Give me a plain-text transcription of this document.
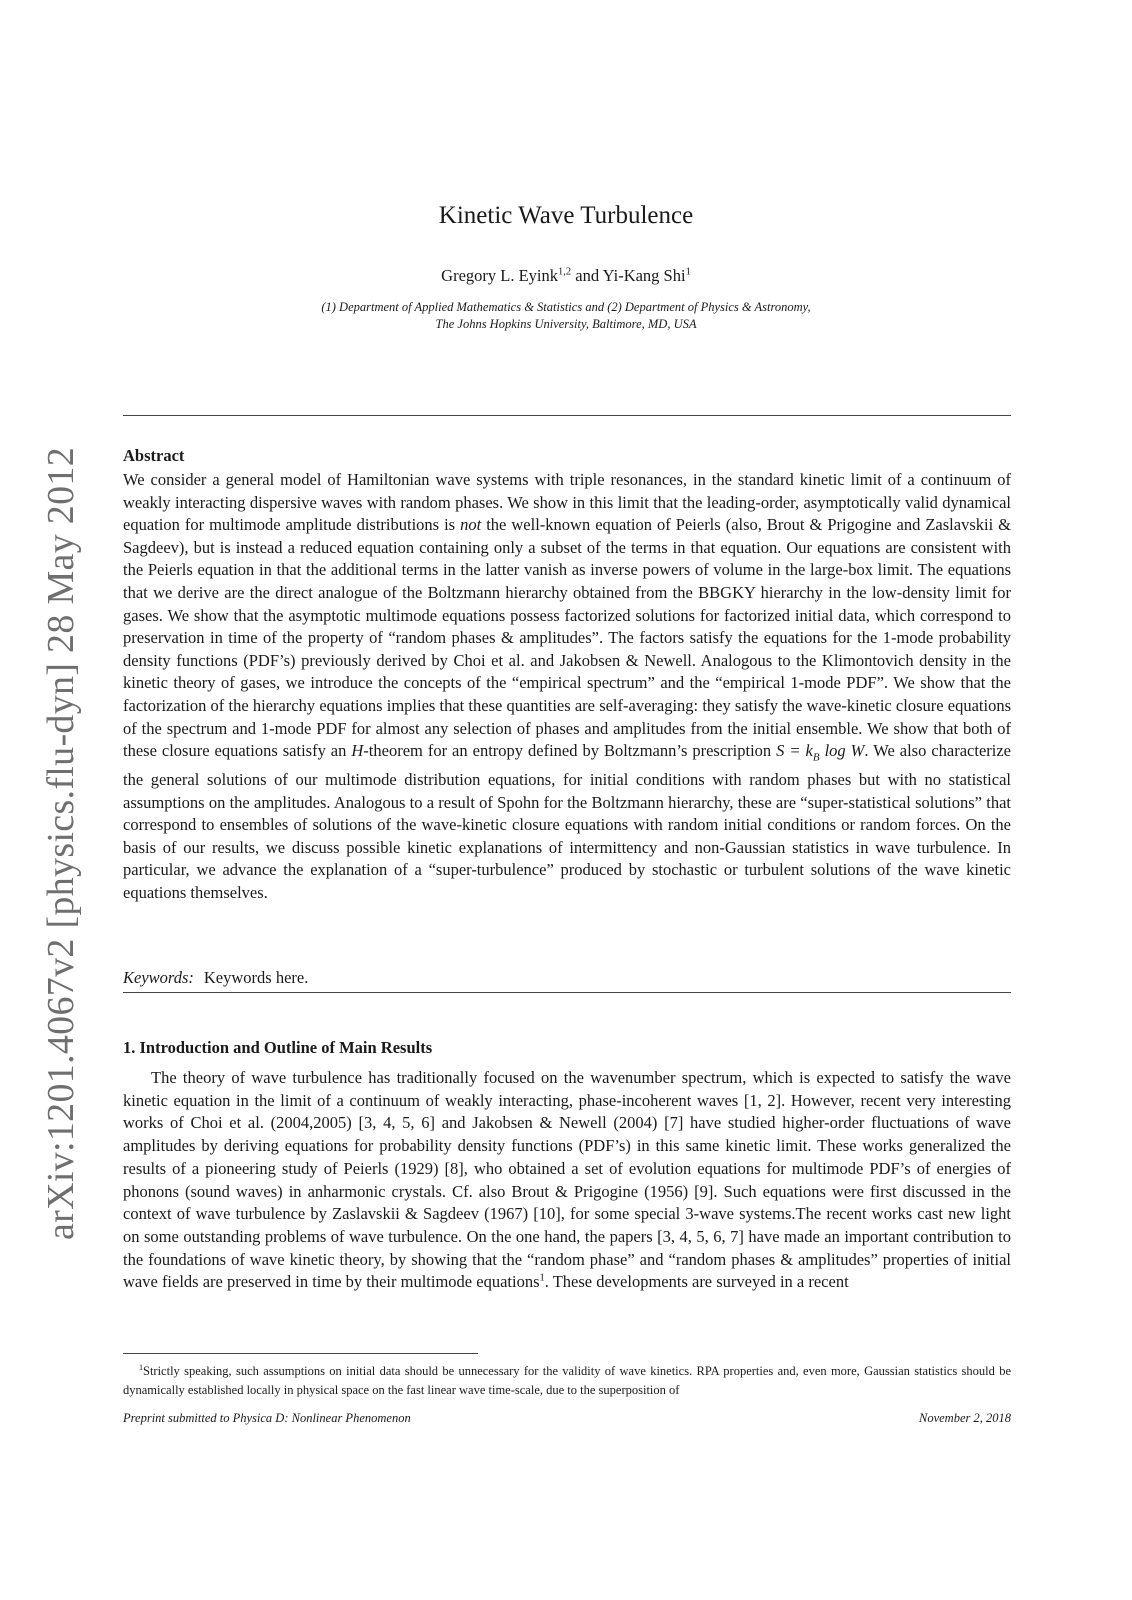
arXiv:1201.4067v2 [physics.flu-dyn] 28 May 2012
Kinetic Wave Turbulence
Gregory L. Eyink$^{1,2}$ and Yi-Kang Shi$^1$
(1) Department of Applied Mathematics & Statistics and (2) Department of Physics & Astronomy,
The Johns Hopkins University, Baltimore, MD, USA
Abstract
We consider a general model of Hamiltonian wave systems with triple resonances, in the standard kinetic limit of a continuum of weakly interacting dispersive waves with random phases. We show in this limit that the leading-order, asymptotically valid dynamical equation for multimode amplitude distributions is not the well-known equation of Peierls (also, Brout & Prigogine and Zaslavskii & Sagdeev), but is instead a reduced equation containing only a subset of the terms in that equation. Our equations are consistent with the Peierls equation in that the additional terms in the latter vanish as inverse powers of volume in the large-box limit. The equations that we derive are the direct analogue of the Boltzmann hierarchy obtained from the BBGKY hierarchy in the low-density limit for gases. We show that the asymptotic multimode equations possess factorized solutions for factorized initial data, which correspond to preservation in time of the property of “random phases & amplitudes”. The factors satisfy the equations for the 1-mode probability density functions (PDF’s) previously derived by Choi et al. and Jakobsen & Newell. Analogous to the Klimontovich density in the kinetic theory of gases, we introduce the concepts of the “empirical spectrum” and the “empirical 1-mode PDF”. We show that the factorization of the hierarchy equations implies that these quantities are self-averaging: they satisfy the wave-kinetic closure equations of the spectrum and 1-mode PDF for almost any selection of phases and amplitudes from the initial ensemble. We show that both of these closure equations satisfy an H-theorem for an entropy defined by Boltzmann’s prescription $S = k_B$ log W. We also characterize the general solutions of our multimode distribution equations, for initial conditions with random phases but with no statistical assumptions on the amplitudes. Analogous to a result of Spohn for the Boltzmann hierarchy, these are “super-statistical solutions” that correspond to ensembles of solutions of the wave-kinetic closure equations with random initial conditions or random forces. On the basis of our results, we discuss possible kinetic explanations of intermittency and non-Gaussian statistics in wave turbulence. In particular, we advance the explanation of a “super-turbulence” produced by stochastic or turbulent solutions of the wave kinetic equations themselves.
Keywords: Keywords here.
1. Introduction and Outline of Main Results
The theory of wave turbulence has traditionally focused on the wavenumber spectrum, which is expected to satisfy the wave kinetic equation in the limit of a continuum of weakly interacting, phase-incoherent waves [1, 2]. However, recent very interesting works of Choi et al. (2004,2005) [3, 4, 5, 6] and Jakobsen & Newell (2004) [7] have studied higher-order fluctuations of wave amplitudes by deriving equations for probability density functions (PDF’s) in this same kinetic limit. These works generalized the results of a pioneering study of Peierls (1929) [8], who obtained a set of evolution equations for multimode PDF’s of energies of phonons (sound waves) in anharmonic crystals. Cf. also Brout & Prigogine (1956) [9]. Such equations were first discussed in the context of wave turbulence by Zaslavskii & Sagdeev (1967) [10], for some special 3-wave systems.The recent works cast new light on some outstanding problems of wave turbulence. On the one hand, the papers [3, 4, 5, 6, 7] have made an important contribution to the foundations of wave kinetic theory, by showing that the “random phase” and “random phases & amplitudes” properties of initial wave fields are preserved in time by their multimode equations$^1$. These developments are surveyed in a recent
$^1$Strictly speaking, such assumptions on initial data should be unnecessary for the validity of wave kinetics. RPA properties and, even more, Gaussian statistics should be dynamically established locally in physical space on the fast linear wave time-scale, due to the superposition of
Preprint submitted to Physica D: Nonlinear Phenomenon	November 2, 2018
